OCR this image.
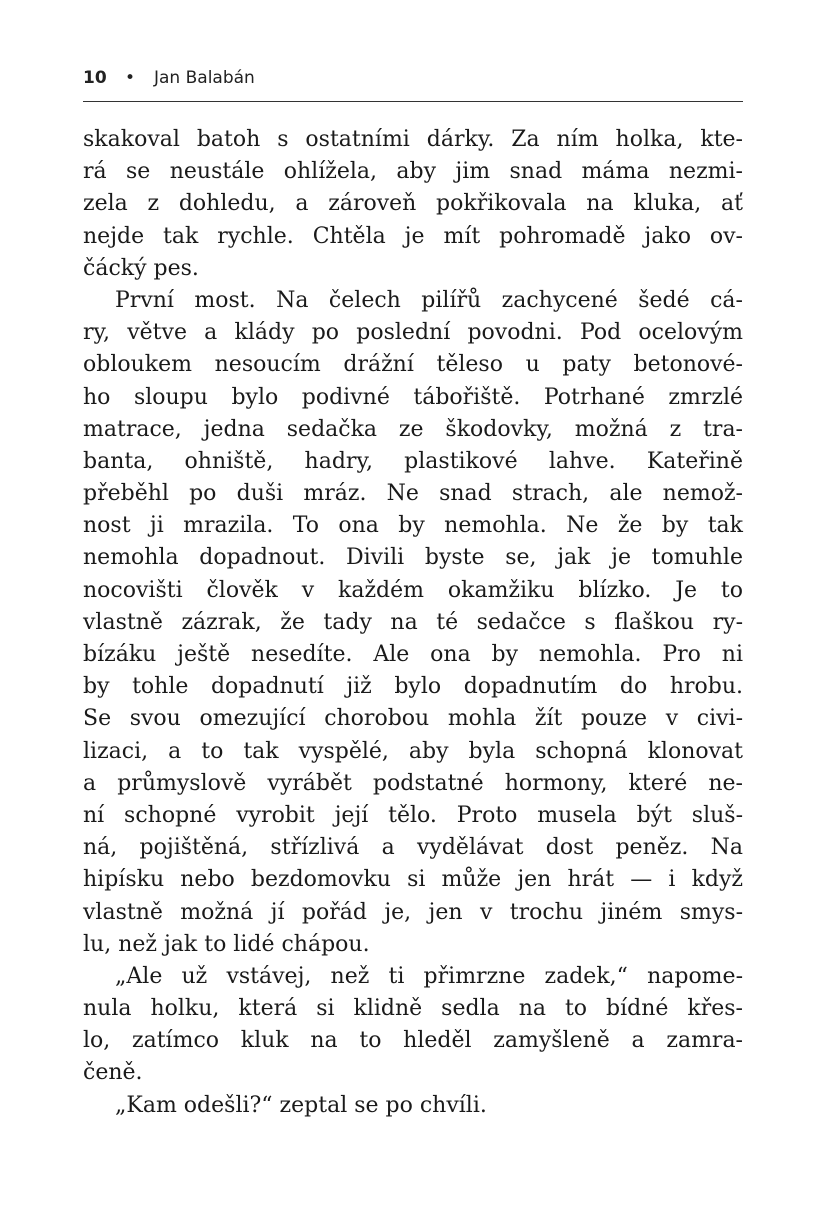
10 • Jan Balabán
skakoval batoh s ostatními dárky. Za ním holka, kte-
rá se neustále ohlížela, aby jim snad máma nezmi-
zela z dohledu, a zároveň pokřikovala na kluka, ať
nejde tak rychle. Chtěla je mít pohromadě jako ov-
čácký pes.
První most. Na čelech pilířů zachycené šedé cá-
ry, větve a klády po poslední povodni. Pod ocelovým
obloukem nesoucím drážní těleso u paty betonové-
ho sloupu bylo podivné tábořiště. Potrhané zmrzlé
matrace, jedna sedačka ze škodovky, možná z tra-
banta, ohniště, hadry, plastikové lahve. Kateřině
přeběhl po duši mráz. Ne snad strach, ale nemož-
nost ji mrazila. To ona by nemohla. Ne že by tak
nemohla dopadnout. Divili byste se, jak je tomuhle
nocovišti člověk v každém okamžiku blízko. Je to
vlastně zázrak, že tady na té sedačce s flaškou ry-
bízáku ještě nesedíte. Ale ona by nemohla. Pro ni
by tohle dopadnutí již bylo dopadnutím do hrobu.
Se svou omezující chorobou mohla žít pouze v civi-
lizaci, a to tak vyspělé, aby byla schopná klonovat
a průmyslově vyrábět podstatné hormony, které ne-
ní schopné vyrobit její tělo. Proto musela být sluš-
ná, pojištěná, střízlivá a vydělávat dost peněz. Na
hipísku nebo bezdomovku si může jen hrát — i když
vlastně možná jí pořád je, jen v trochu jiném smys-
lu, než jak to lidé chápou.
„Ale už vstávej, než ti přimrzne zadek,“ napome-
nula holku, která si klidně sedla na to bídné křes-
lo, zatímco kluk na to hleděl zamyšleně a zamra-
čeně.
„Kam odešli?“ zeptal se po chvíli.
